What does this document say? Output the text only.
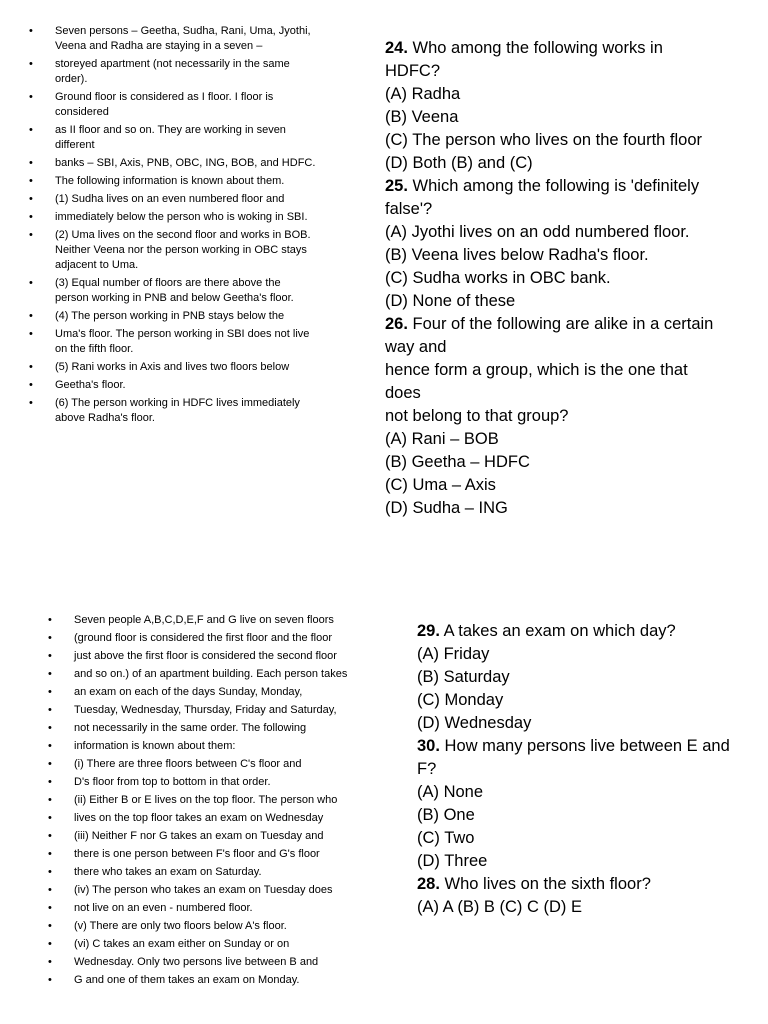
• Seven persons – Geetha, Sudha, Rani, Uma, Jyothi, Veena and Radha are staying in a seven –
• storeyed apartment (not necessarily in the same order).
• Ground floor is considered as I floor. I floor is considered
• as II floor and so on. They are working in seven different
• banks – SBI, Axis, PNB, OBC, ING, BOB, and HDFC.
• The following information is known about them.
• (1) Sudha lives on an even numbered floor and
• immediately below the person who is woking in SBI.
• (2) Uma lives on the second floor and works in BOB. Neither Veena nor the person working in OBC stays adjacent to Uma.
• (3) Equal number of floors are there above the person working in PNB and below Geetha's floor.
• (4) The person working in PNB stays below the
• Uma's floor. The person working in SBI does not live on the fifth floor.
• (5) Rani works in Axis and lives two floors below
• Geetha's floor.
• (6) The person working in HDFC lives immediately above Radha's floor.

24. Who among the following works in HDFC?

(A) Radha

(B) Veena

(C) The person who lives on the fourth floor

(D) Both (B) and (C)

25. Which among the following is 'definitely false'?

(A) Jyothi lives on an odd numbered floor.

(B) Veena lives below Radha's floor.

(C) Sudha works in OBC bank.

(D) None of these

26. Four of the following are alike in a certain way and

hence form a group, which is the one that does

not belong to that group?

(A) Rani – BOB

(B) Geetha – HDFC

(C) Uma – Axis

(D) Sudha – ING

• Seven people A,B,C,D,E,F and G live on seven floors
• (ground floor is considered the first floor and the floor
• just above the first floor is considered the second floor
• and so on.) of an apartment building. Each person takes
• an exam on each of the days Sunday, Monday,
• Tuesday, Wednesday, Thursday, Friday and Saturday,
• not necessarily in the same order. The following
• information is known about them:
• (i) There are three floors between C's floor and
• D's floor from top to bottom in that order.
• (ii) Either B or E lives on the top floor. The person who
• lives on the top floor takes an exam on Wednesday
• (iii) Neither F nor G takes an exam on Tuesday and
• there is one person between F's floor and G's floor
• there who takes an exam on Saturday.
• (iv) The person who takes an exam on Tuesday does
• not live on an even - numbered floor.
• (v) There are only two floors below A's floor.
• (vi) C takes an exam either on Sunday or on
• Wednesday. Only two persons live between B and
• G and one of them takes an exam on Monday.

29. A takes an exam on which day?

(A) Friday

(B) Saturday

(C) Monday

(D) Wednesday

30. How many persons live between E and F?

(A) None

(B) One

(C) Two

(D) Three

28. Who lives on the sixth floor?

(A) A (B) B (C) C (D) E
